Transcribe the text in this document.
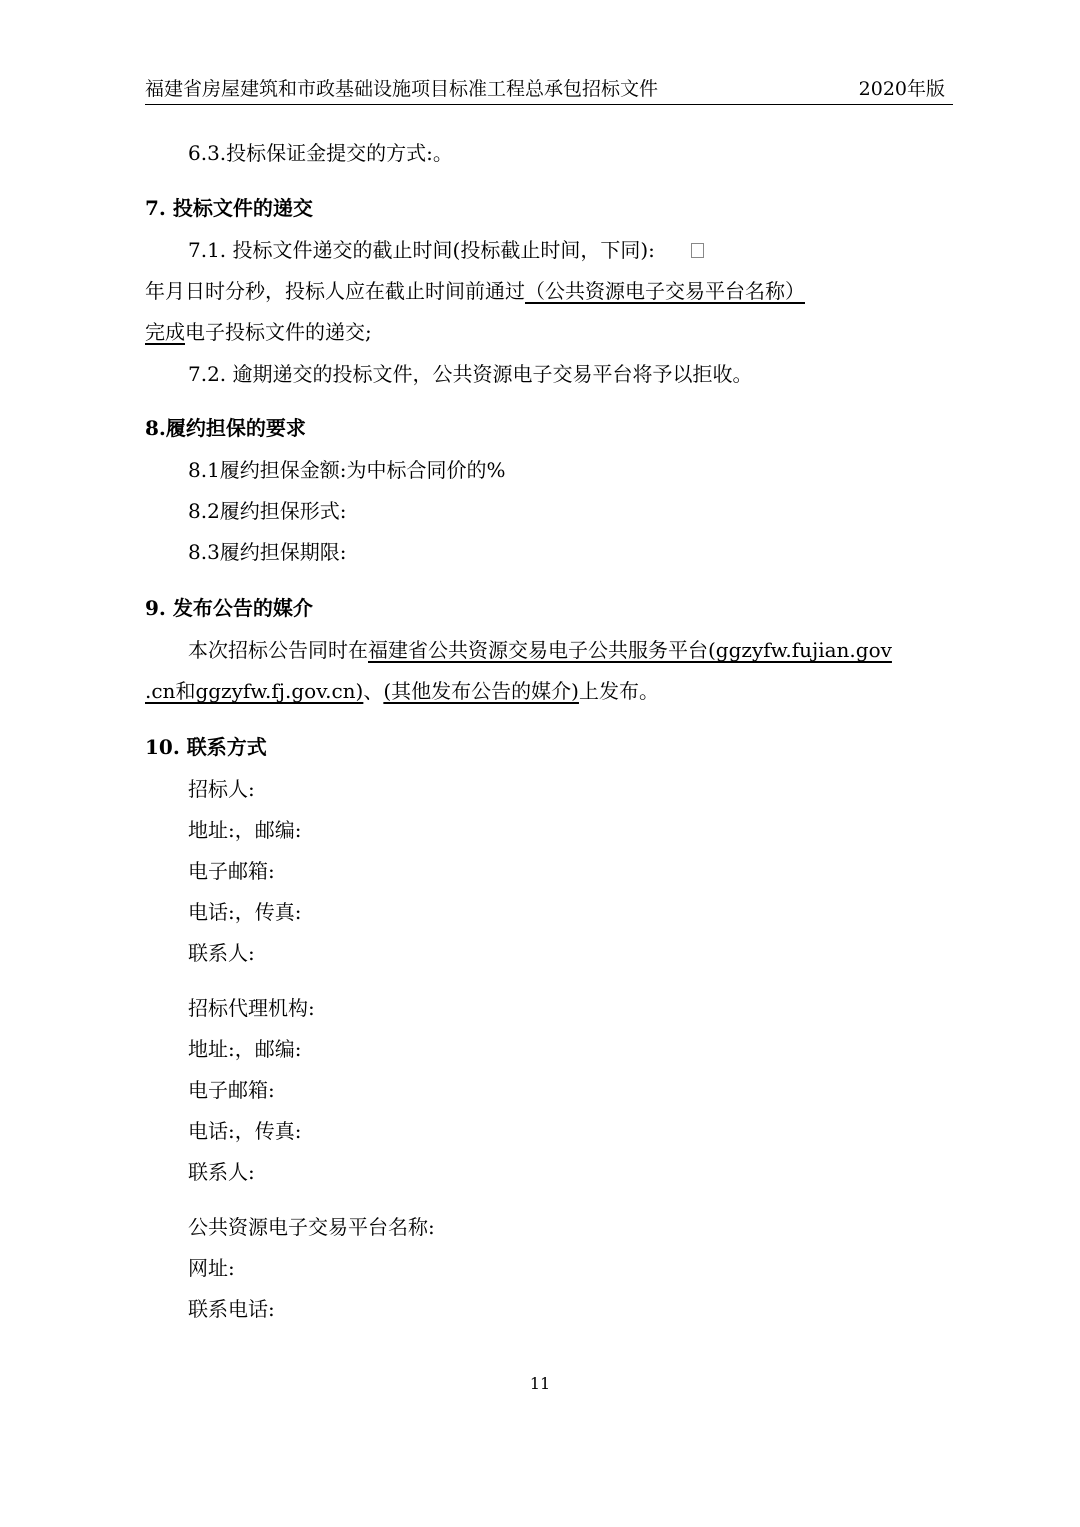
福建省房屋建筑和市政基础设施项目标准工程总承包招标文件	2020年版
6.3.投标保证金提交的方式:。
7. 投标文件的递交
7.1. 投标文件递交的截止时间(投标截止时间，下同):
年月日时分秒，投标人应在截止时间前通过（公共资源电子交易平台名称）
完成电子投标文件的递交;
7.2. 逾期递交的投标文件，公共资源电子交易平台将予以拒收。
8.履约担保的要求
8.1履约担保金额:为中标合同价的%
8.2履约担保形式:
8.3履约担保期限:
9. 发布公告的媒介
本次招标公告同时在福建省公共资源交易电子公共服务平台(ggzyfw.fujian.gov
.cn和ggzyfw.fj.gov.cn)、(其他发布公告的媒介)上发布。
10. 联系方式
招标人:
地址:，邮编:
电子邮箱:
电话:，传真:
联系人:
招标代理机构:
地址:，邮编:
电子邮箱:
电话:，传真:
联系人:
公共资源电子交易平台名称:
网址:
联系电话:
11
